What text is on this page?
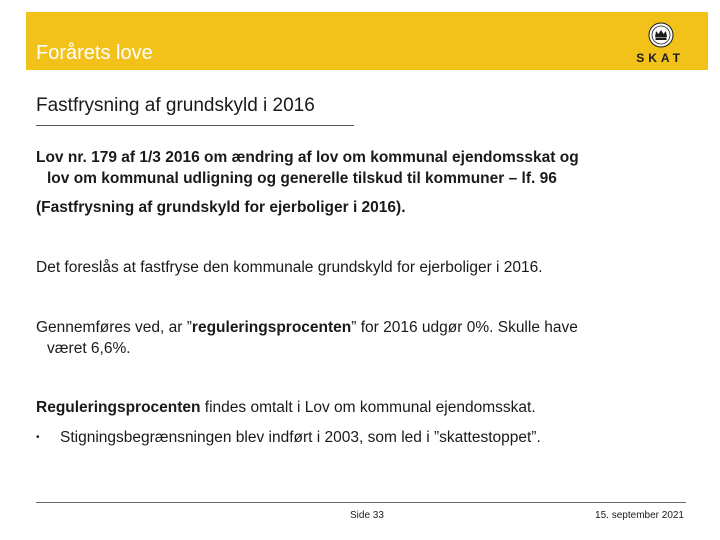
Forårets love	SKAT
Fastfrysning af grundskyld i 2016
Lov nr. 179 af 1/3 2016 om ændring af lov om kommunal ejendomsskat og
lov om kommunal udligning og generelle tilskud til kommuner – lf. 96
(Fastfrysning af grundskyld for ejerboliger i 2016).
Det foreslås at fastfryse den kommunale grundskyld for ejerboliger i 2016.
Gennemføres ved, ar ”reguleringsprocenten” for 2016 udgør 0%. Skulle have
været 6,6%.
Reguleringsprocenten findes omtalt i Lov om kommunal ejendomsskat.
• Stigningsbegrænsningen blev indført i 2003, som led i ”skattestoppet”.
Side 33	15. september 2021
